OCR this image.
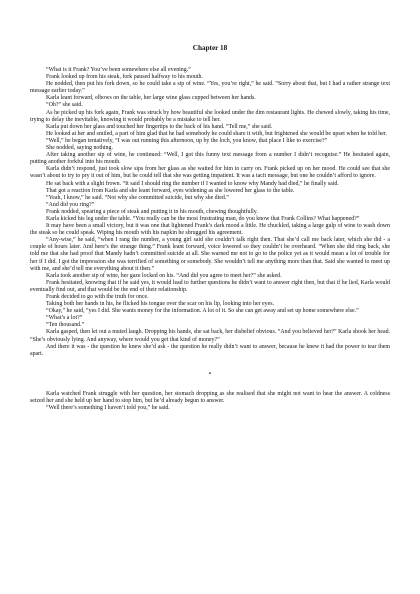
Chapter 18

“What is it Frank? You’ve been somewhere else all evening.”

Frank looked up from his steak, fork paused halfway to his mouth.

He nodded, then put his fork down, so he could take a sip of wine. “Yes, you’re right,” he said. “Sorry about that, but I had a rather strange text message earlier today.”

Karla leant forward, elbows on the table, her large wine glass cupped between her hands.

“Oh?” she said.

As he picked up his fork again, Frank was struck by how beautiful she looked under the dim restaurant lights. He chewed slowly, taking his time, trying to delay the inevitable, knowing it would probably be a mistake to tell her.

Karla put down her glass and touched her fingertips to the back of his hand. “Tell me,” she said.

He looked at her and smiled, a part of him glad that he had somebody he could share it with, but frightened she would be upset when he told her.

“Well,” he began tentatively, “I was out running this afternoon, up by the loch, you know, that place I like to exercise?”

She nodded, saying nothing.

After taking another sip of wine, he continued: “Well, I got this funny text message from a number I didn’t recognise.” He hesitated again, putting another forkful into his mouth.

Karla didn’t respond, just took slow sips from her glass as she waited for him to carry on. Frank picked up on her mood. He could see that she wasn’t about to try to pry it out of him, but he could tell that she was getting impatient. It was a tacit message, but one he couldn’t afford to ignore.

He sat back with a slight frown. “It said I should ring the number if I wanted to know why Mandy had died,” he finally said.

That got a reaction from Karla and she leant forward, eyes widening as she lowered her glass to the table.

“Yeah, I know,” he said. “Not why she committed suicide, but why she died.”

“And did you ring?”

Frank nodded, spearing a piece of steak and putting it in his mouth, chewing thoughtfully.

Karla kicked his leg under the table. “You really can be the most frustrating man, do you know that Frank Collins? What happened?”

It may have been a small victory, but it was one that lightened Frank’s dark mood a little. He chuckled, taking a large gulp of wine to wash down the steak so he could speak. Wiping his mouth with his napkin he shrugged his agreement.

“Any-wise,” he said, “when I rang the number, a young girl said she couldn’t talk right then. That she’d call me back later, which she did - a couple of hours later. And here’s the strange thing.” Frank leant forward, voice lowered so they couldn’t be overheard. “When she did ring back, she told me that she had proof that Mandy hadn’t committed suicide at all. She warned me not to go to the police yet as it would mean a lot of trouble for her if I did. I got the impression she was terrified of something or somebody. She wouldn’t tell me anything more than that. Said she wanted to meet up with me, and she’d tell me everything about it then.”

Karla took another sip of wine, her gaze locked on his. “And did you agree to meet her?” she asked.

Frank hesitated, knowing that if he said yes, it would lead to further questions he didn’t want to answer right then, but that if he lied, Karla would eventually find out, and that would be the end of their relationship.

Frank decided to go with the truth for once.

Taking both her hands in his, he flicked his tongue over the scar on his lip, looking into her eyes.

“Okay,” he said, “yes I did. She wants money for the information. A lot of it. So she can get away and set up home somewhere else.”

“What’s a lot?”

“Ten thousand.”

Karla gasped, then let out a muted laugh. Dropping his hands, she sat back, her disbelief obvious. “And you believed her?” Karla shook her head. “She’s obviously lying. And anyway, where would you get that kind of money?”

And there it was - the question he knew she’d ask - the question he really didn’t want to answer, because he knew it had the power to tear them apart.

*

Karla watched Frank struggle with her question, her stomach dropping as she realised that she might not want to hear the answer. A coldness seized her and she held up her hand to stop him, but he’d already begun to answer.

“Well there’s something I haven’t told you,” he said.
